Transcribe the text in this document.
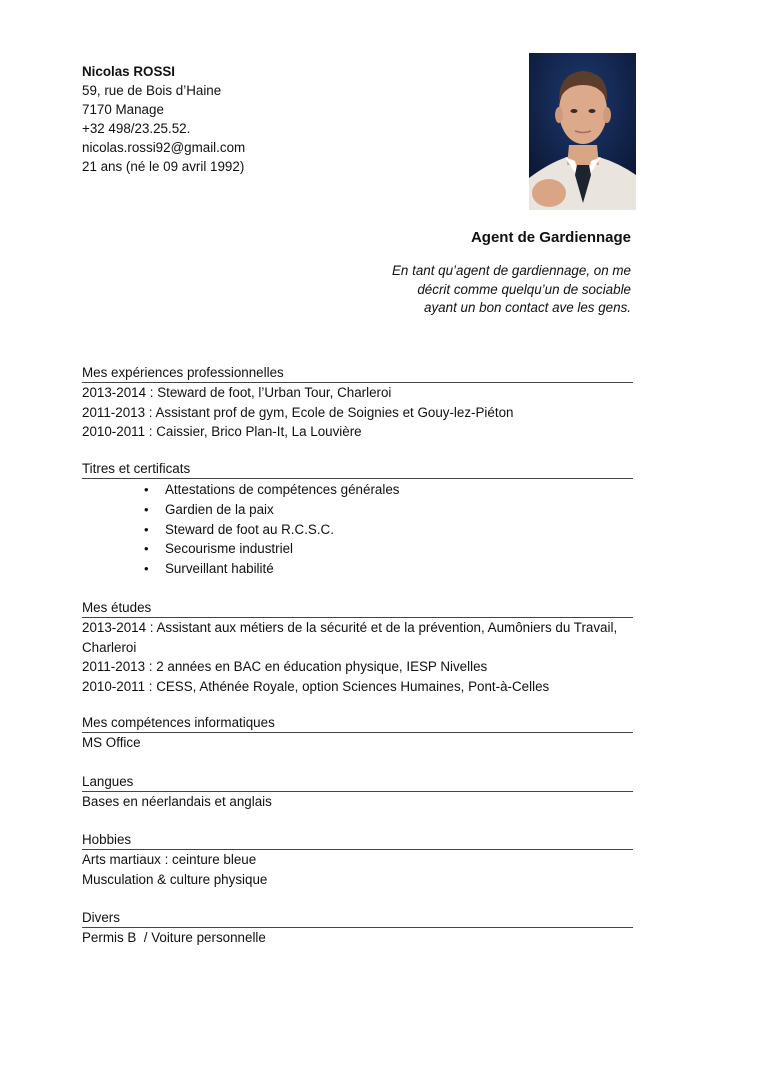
Nicolas ROSSI
59, rue de Bois d’Haine
7170 Manage
+32 498/23.25.52.
nicolas.rossi92@gmail.com
21 ans (né le 09 avril 1992)
Agent de Gardiennage
En tant qu’agent de gardiennage, on me
décrit comme quelqu’un de sociable
ayant un bon contact ave les gens.
Mes expériences professionnelles
2013-2014 : Steward de foot, l’Urban Tour, Charleroi
2011-2013 : Assistant prof de gym, Ecole de Soignies et Gouy-lez-Piéton
2010-2011 : Caissier, Brico Plan-It, La Louvière
Titres et certificats
• Attestations de compétences générales
• Gardien de la paix
• Steward de foot au R.C.S.C.
• Secourisme industriel
• Surveillant habilité
Mes études
2013-2014 : Assistant aux métiers de la sécurité et de la prévention, Aumôniers du Travail, Charleroi
2011-2013 : 2 années en BAC en éducation physique, IESP Nivelles
2010-2011 : CESS, Athénée Royale, option Sciences Humaines, Pont-à-Celles
Mes compétences informatiques
MS Office
Langues
Bases en néerlandais et anglais
Hobbies
Arts martiaux : ceinture bleue
Musculation & culture physique
Divers
Permis B  / Voiture personnelle
